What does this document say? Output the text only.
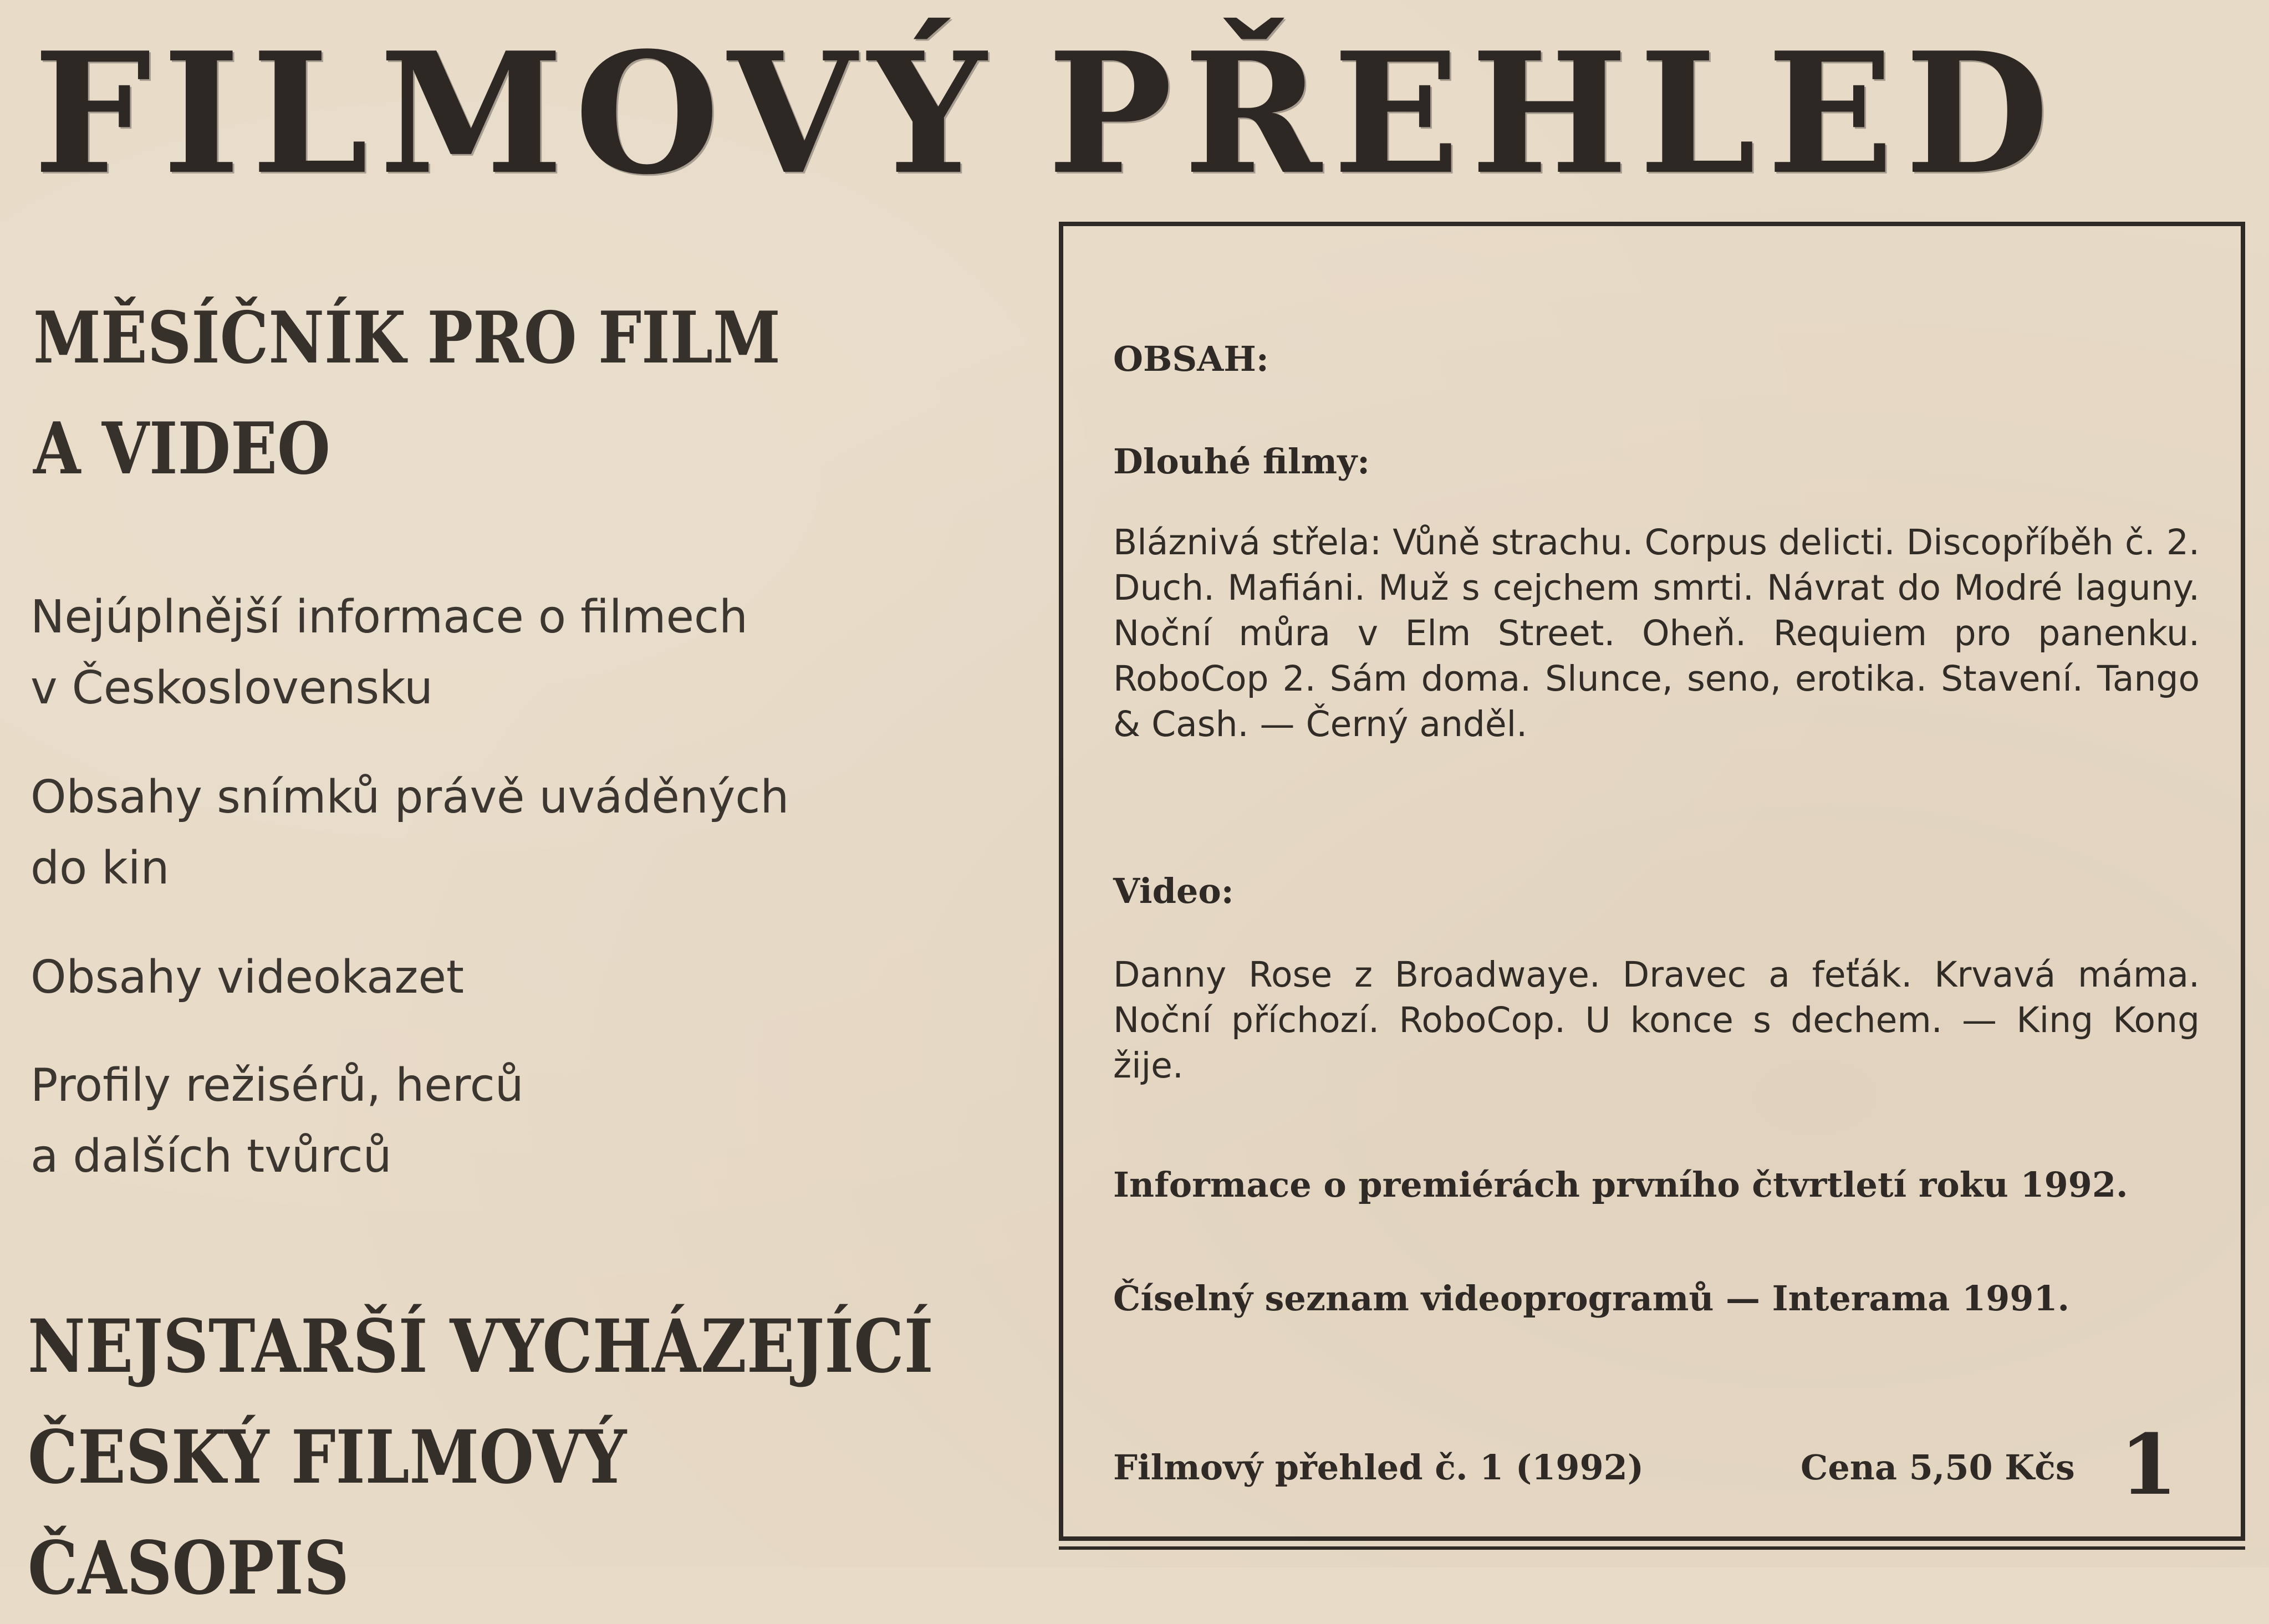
FILMOVÝ PŘEHLED
MĚSÍČNÍK PRO FILM
A VIDEO

Nejúplnější informace o filmech
v Československu

Obsahy snímků právě uváděných
do kin

Obsahy videokazet

Profily režisérů, herců
a dalších tvůrců

NEJSTARŠÍ VYCHÁZEJÍCÍ
ČESKÝ FILMOVÝ ČASOPIS
OBSAH:
Dlouhé filmy:

Bláznivá střela: Vůně strachu. Corpus delicti. Discopříběh č. 2. Duch. Mafiáni. Muž s cejchem smrti. Návrat do Modré laguny. Noční můra v Elm Street. Oheň. Requiem pro panenku. RoboCop 2. Sám doma. Slunce, seno, erotika. Stavení. Tango & Cash. — Černý anděl.

Video:

Danny Rose z Broadwaye. Dravec a feťák. Krvavá máma. Noční příchozí. RoboCop. U konce s dechem. — King Kong žije.

Informace o premiérách prvního čtvrtletí roku 1992.

Číselný seznam videoprogramů — Interama 1991.

Filmový přehled č. 1 (1992)	Cena 5,50 Kčs 1
